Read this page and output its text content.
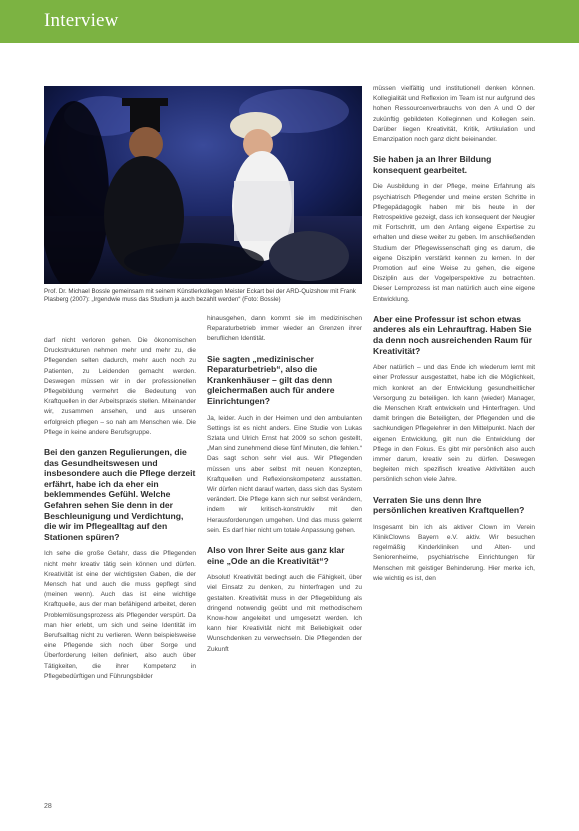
Interview
Prof. Dr. Michael Bossle gemeinsam mit seinem Künstlerkollegen Meister Eckart bei der ARD-Quizshow mit Frank Plasberg (2007): „Irgendwie muss das Studium ja auch bezahlt werden“ (Foto: Bossle)

darf nicht verloren gehen. Die ökonomischen Druckstrukturen nehmen mehr und mehr zu, die Pflegenden selten dadurch, mehr auch noch zu Patienten, zu Leidenden gemacht werden. Deswegen müssen wir in der professionellen Pflegebildung vermehrt die Bedeutung von Kraftquellen in der Arbeitspraxis stellen. Miteinander wir, zusammen ansehen, und aus unseren erfolgreich pflegen – so nah am Menschen wie. Die Pflege in keine andere Berufsgruppe.

Bei den ganzen Regulierungen, die das Gesundheitswesen und insbesondere auch die Pflege derzeit erfährt, habe ich da eher ein beklemmendes Gefühl. Welche Gefahren sehen Sie denn in der Beschleunigung und Verdichtung, die wir im Pflegealltag auf den Stationen spüren?

Ich sehe die große Gefahr, dass die Pflegenden nicht mehr kreativ tätig sein können und dürfen. Kreativität ist eine der wichtigsten Gaben, die der Mensch hat und auch die muss gepflegt sind (meinen wenn). Auch das ist eine wichtige Kraftquelle, aus der man befähigend arbeitet, deren Problemlösungsprozess als Pflegender verspürt. Da man hier erlebt, um sich und seine Identität im Berufsalltag nicht zu verlieren. Wenn beispielsweise eine Pflegende sich noch über Sorge und Überforderung leiten definiert, also auch über Tätigkeiten, die ihrer Kompetenz in Pflegebedürftigen und Führungsbilder

hinausgehen, dann kommt sie im medizinischen Reparaturbetrieb immer wieder an Grenzen ihrer beruflichen Identität.

Sie sagten „medizinischer Reparaturbetrieb“, also die Krankenhäuser – gilt das denn gleichermaßen auch für andere Einrichtungen?

Ja, leider. Auch in der Heimen und den ambulanten Settings ist es nicht anders. Eine Studie von Lukas Szlata und Ulrich Ernst hat 2009 so schon gestellt, „Man sind zunehmend diese fünf Minuten, die fehlen.“ Das sagt schon sehr viel aus. Wir Pflegenden müssen uns aber selbst mit neuen Konzepten, Kraftquellen und Reflexionskompetenz ausstatten. Wir dürfen nicht darauf warten, dass sich das System verändert. Die Pflege kann sich nur selbst verändern, indem wir kritisch-konstruktiv mit den Herausforderungen umgehen. Und das muss gelernt sein. Es darf hier nicht um totale Anpassung gehen.

Also von Ihrer Seite aus ganz klar eine „Ode an die Kreativität“?

Absolut! Kreativität bedingt auch die Fähigkeit, über viel Einsatz zu denken, zu hinterfragen und zu gestalten. Kreativität muss in der Pflegebildung als dringend notwendig geübt und mit methodischem Know-how angeleitet und umgesetzt werden. Ich kann hier Kreativität nicht mit Beliebigkeit oder Wunschdenken zu verwechseln. Die Pflegenden der Zukunft

müssen vielfältig und institutionell denken können. Kollegialität und Reflexion im Team ist nur aufgrund des hohen Ressourcenverbrauchs von den A und O der zukünftig gebildeten Kolleginnen und Kollegen sein. Darüber liegen Kreativität, Kritik, Artikulation und Emanzipation noch ganz dicht beieinander.

Sie haben ja an Ihrer Bildung konsequent gearbeitet.

Die Ausbildung in der Pflege, meine Erfahrung als psychiatrisch Pflegender und meine ersten Schritte in Pflegepädagogik haben mir bis heute in der Retrospektive gezeigt, dass ich konsequent der Neugier mit Fortschritt, um den Anfang eigene Expertise zu erhalten und diese weiter zu geben. Im anschließenden Studium der Pflegewissenschaft ging es darum, die eigene Disziplin verstärkt kennen zu lernen. In der Promotion auf eine Weise zu gehen, die eigene Disziplin aus der Vogelperspektive zu betrachten. Dieser Lernprozess ist man natürlich auch eine eigene Entwicklung.

Aber eine Professur ist schon etwas anderes als ein Lehrauftrag. Haben Sie da denn noch ausreichenden Raum für Kreativität?

Aber natürlich – und das Ende ich wiederum lernt mit einer Professur ausgestattet, habe ich die Möglichkeit, mich konkret an der Entwicklung gesundheitlicher Versorgung zu beteiligen. Ich kann (wieder) Manager, die Menschen Kraft entwickeln und Hinterfragen. Und damit bringen die Beteiligten, der Pflegenden und die sachkundigen Pflegelehrer in den Mittelpunkt. Nach der eigenen Entwicklung, gilt nun die Entwicklung der Pflege in den Fokus. Es gibt mir persönlich also auch immer darum, kreativ sein zu dürfen. Deswegen begleiten mich spezifisch kreative Aktivitäten auch persönlich schon viele Jahre.

Verraten Sie uns denn Ihre persönlichen kreativen Kraftquellen?

Insgesamt bin ich als aktiver Clown im Verein KlinikClowns Bayern e.V. aktiv. Wir besuchen regelmäßig Kinderkliniken und Alten- und Seniorenheime, psychiatrische Einrichtungen für Menschen mit geistiger Behinderung. Hier merke ich, wie wichtig es ist, den

28
